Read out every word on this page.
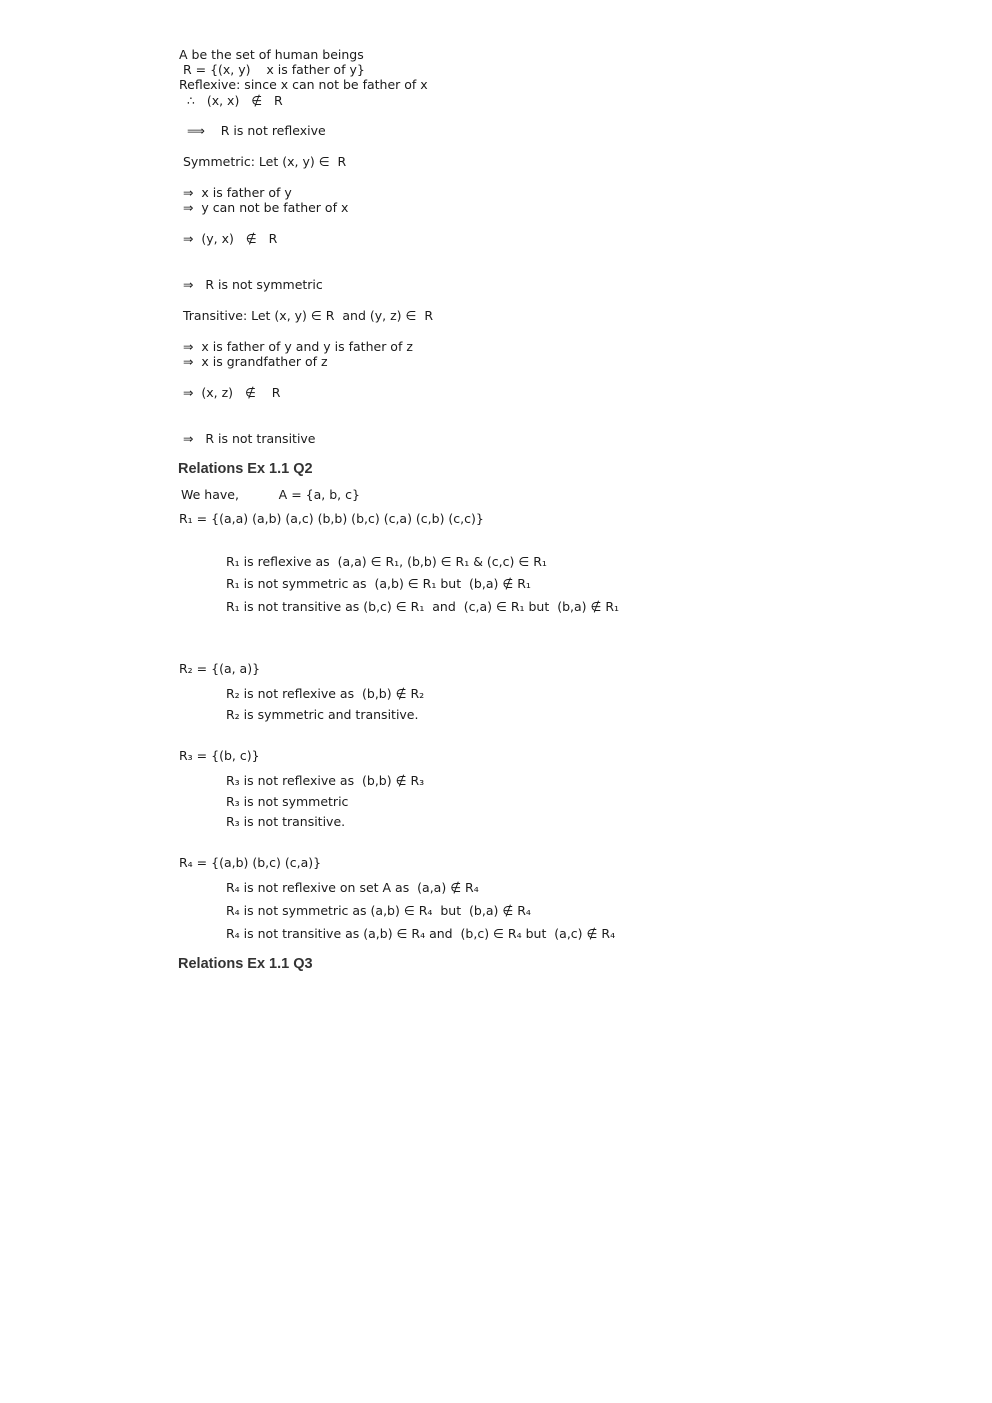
A be the set of human beings
R = {(x, y)    x is father of y}
Reflexive: since x can not be father of x
∴   (x, x)   ∉   R
⟹    R is not reflexive
Symmetric: Let (x, y) ∈  R
⇒  x is father of y
⇒  y can not be father of x
⇒  (y, x)   ∉   R
⇒   R is not symmetric
Transitive: Let (x, y) ∈ R  and (y, z) ∈  R
⇒  x is father of y and y is father of z
⇒  x is grandfather of z
⇒  (x, z)   ∉    R
⇒   R is not transitive
Relations Ex 1.1 Q2
We have,          A = {a, b, c}
R₁ = {(a,a) (a,b) (a,c) (b,b) (b,c) (c,a) (c,b) (c,c)}
R₁ is reflexive as  (a,a) ∈ R₁, (b,b) ∈ R₁ & (c,c) ∈ R₁
R₁ is not symmetric as  (a,b) ∈ R₁ but  (b,a) ∉ R₁
R₁ is not transitive as (b,c) ∈ R₁  and  (c,a) ∈ R₁ but  (b,a) ∉ R₁
R₂ = {(a, a)}
R₂ is not reflexive as  (b,b) ∉ R₂
R₂ is symmetric and transitive.
R₃ = {(b, c)}
R₃ is not reflexive as  (b,b) ∉ R₃
R₃ is not symmetric
R₃ is not transitive.
R₄ = {(a,b) (b,c) (c,a)}
R₄ is not reflexive on set A as  (a,a) ∉ R₄
R₄ is not symmetric as (a,b) ∈ R₄  but  (b,a) ∉ R₄
R₄ is not transitive as (a,b) ∈ R₄ and  (b,c) ∈ R₄ but  (a,c) ∉ R₄
Relations Ex 1.1 Q3
